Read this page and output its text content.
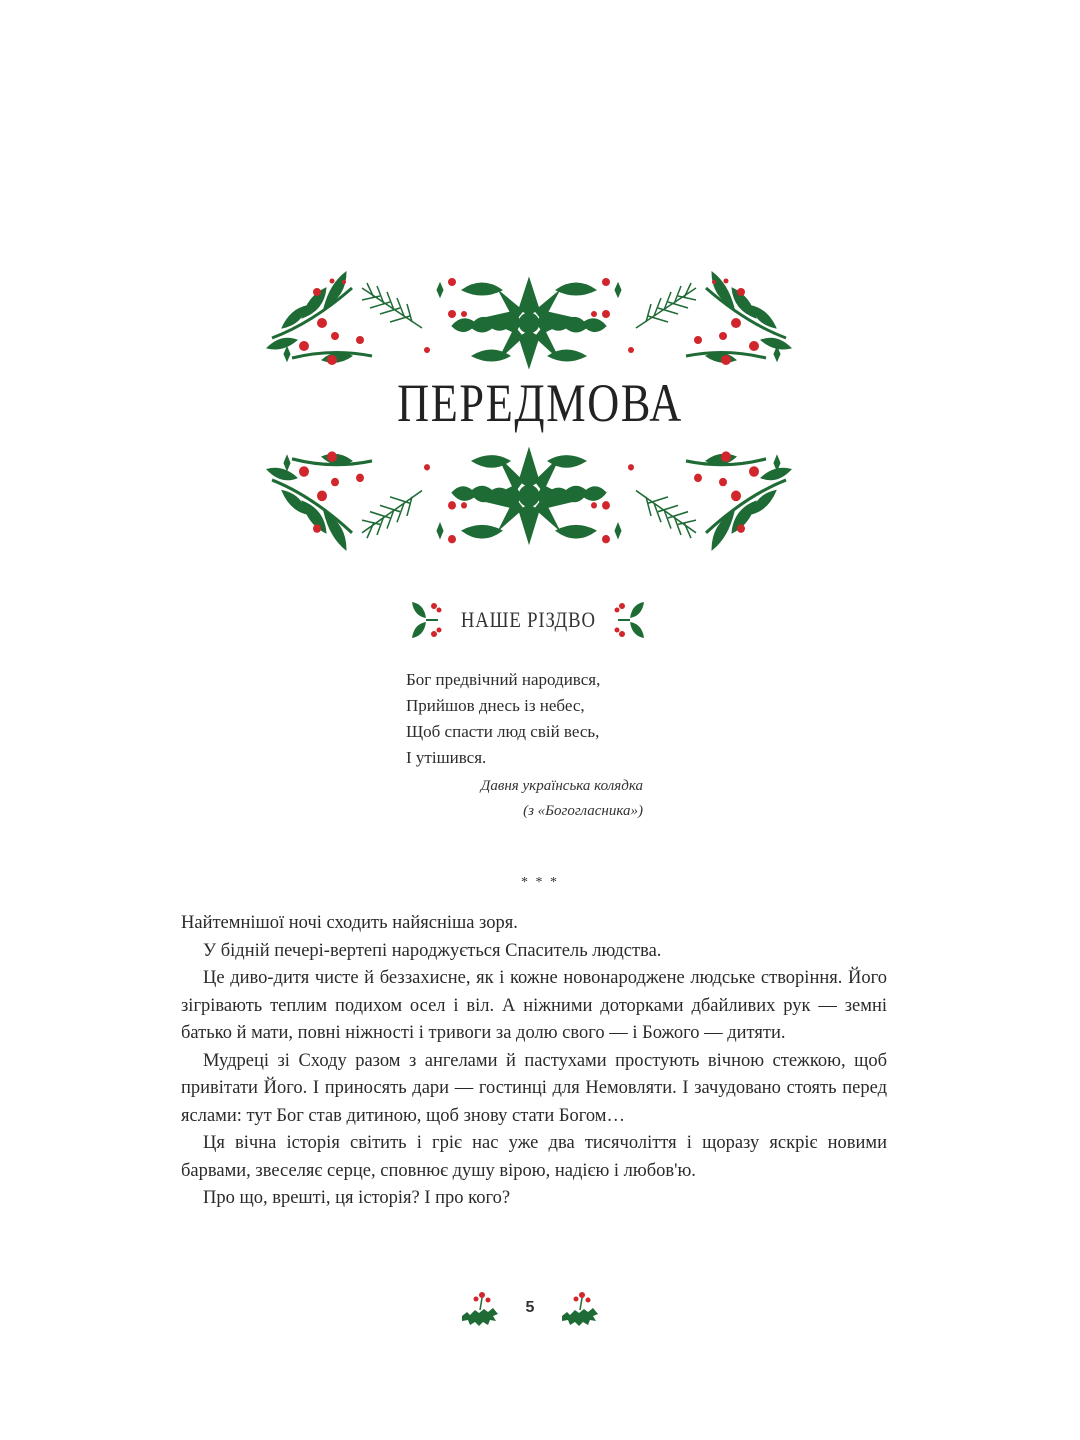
ПЕРЕДМОВА
НАШЕ РІЗДВО
Бог предвічний народився,
Прийшов днесь із небес,
Щоб спасти люд свій весь,
І утішився.
Давня українська колядка
(з «Богогласника»)
* * *

Найтемнішої ночі сходить найясніша зоря.

У бідній печері-вертепі народжується Спаситель людства.

Це диво-дитя чисте й беззахисне, як і кожне новонароджене людське створіння. Його зігрівають теплим подихом осел і віл. А ніжними доторками дбайливих рук — земні батько й мати, повні ніжності і тривоги за долю свого — і Божого — дитяти.

Мудреці зі Сходу разом з ангелами й пастухами простують вічною стежкою, щоб привітати Його. І приносять дари — гостинці для Немовляти. І зачудовано стоять перед яслами: тут Бог став дитиною, щоб знову стати Богом…

Ця вічна історія світить і гріє нас уже два тисячоліття і щоразу яскріє новими барвами, звеселяє серце, сповнює душу вірою, надією і любов'ю.

Про що, врешті, ця історія? І про кого?

5
